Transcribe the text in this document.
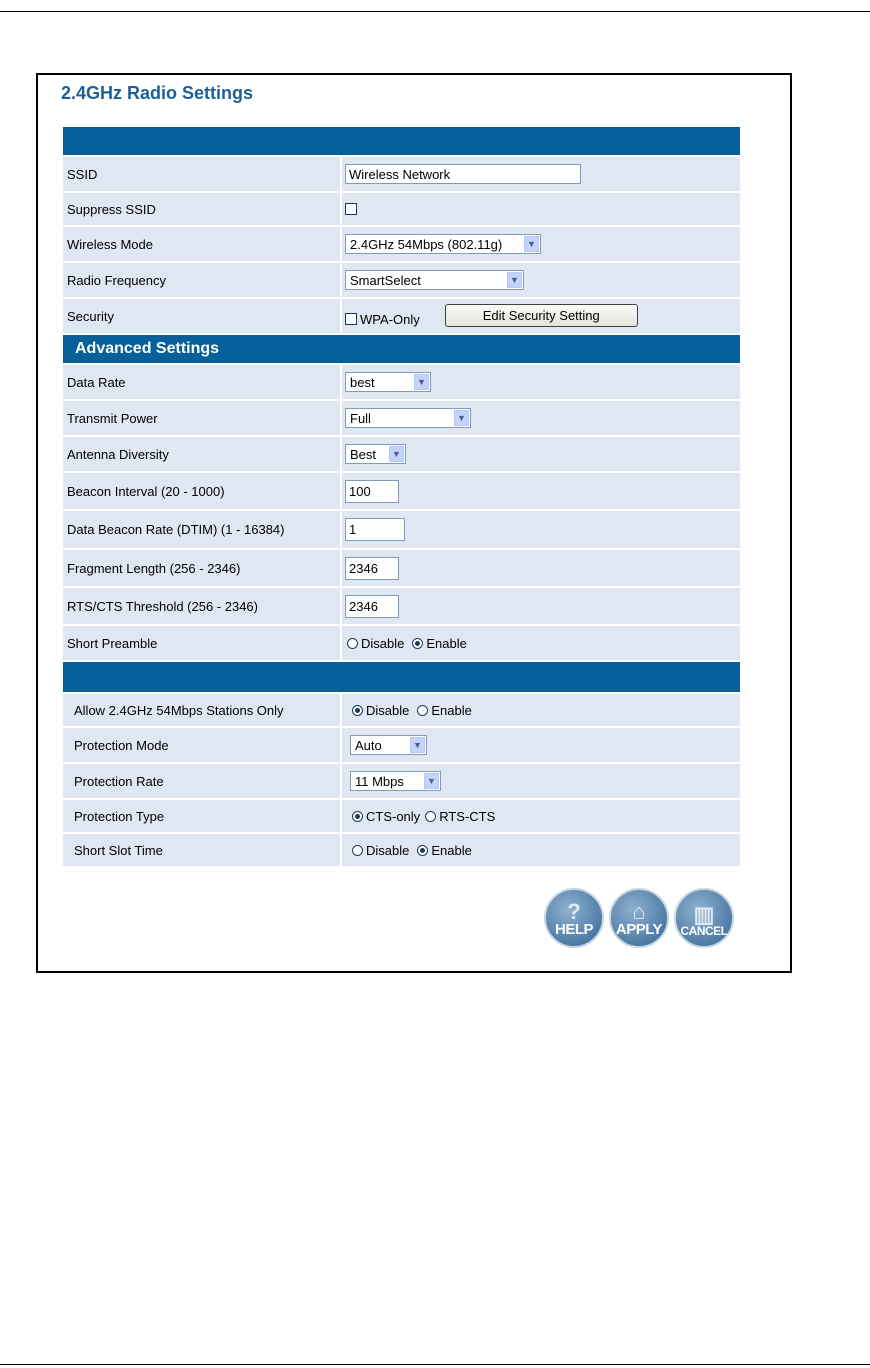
2.4GHz Radio Settings
SSID	Wireless Network
Suppress SSID
Wireless Mode	2.4GHz 54Mbps (802.11g)	▼
Radio Frequency	SmartSelect	▼
Security	WPA-Only	Edit Security Setting
Advanced Settings
Data Rate	best	▼
Transmit Power	Full	▼
Antenna Diversity	Best	▼
Beacon Interval (20 - 1000)	100
Data Beacon Rate (DTIM) (1 - 16384)	1
Fragment Length (256 - 2346)	2346
RTS/CTS Threshold (256 - 2346)	2346
Short Preamble	Disable Enable
Allow 2.4GHz 54Mbps Stations Only	Disable Enable
Protection Mode	Auto	▼
Protection Rate	11 Mbps	▼
Protection Type	CTS-only RTS-CTS
Short Slot Time	Disable Enable
?
HELP
⌂
APPLY
▥
CANCEL
